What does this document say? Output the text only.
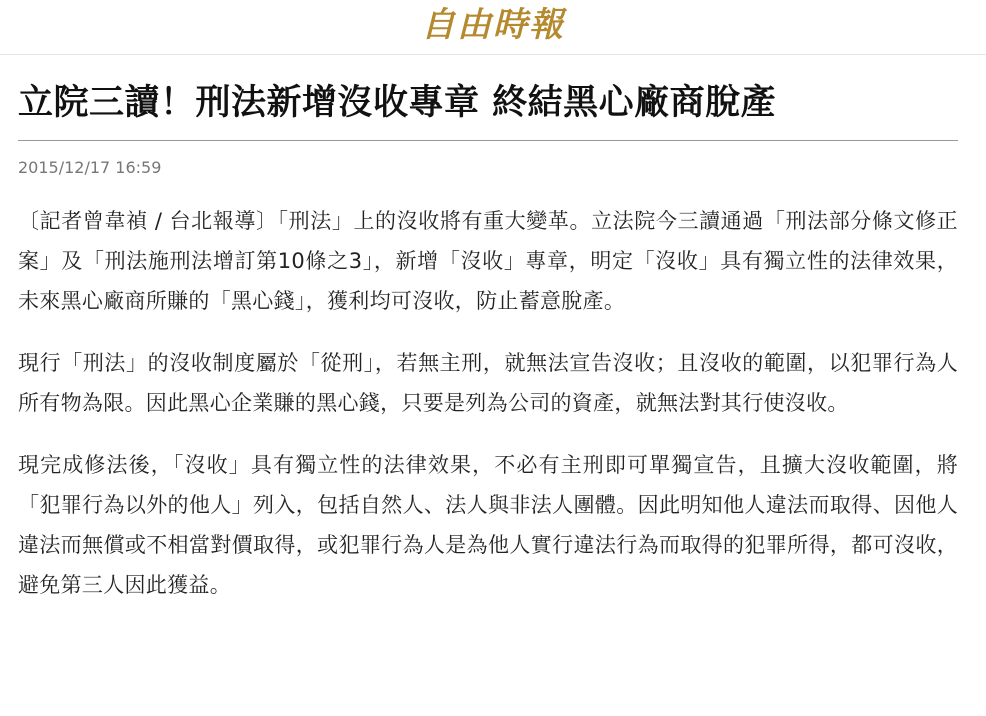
自由時報
立院三讀！刑法新增沒收專章 終結黑心廠商脫產
2015/12/17 16:59

〔記者曾韋禎 / 台北報導〕「刑法」上的沒收將有重大變革。立法院今三讀通過「刑法部分條文修正案」及「刑法施刑法增訂第10條之3」，新增「沒收」專章，明定「沒收」具有獨立性的法律效果，未來黑心廠商所賺的「黑心錢」，獲利均可沒收，防止蓄意脫產。

現行「刑法」的沒收制度屬於「從刑」，若無主刑，就無法宣告沒收；且沒收的範圍，以犯罪行為人所有物為限。因此黑心企業賺的黑心錢，只要是列為公司的資產，就無法對其行使沒收。

現完成修法後，「沒收」具有獨立性的法律效果，不必有主刑即可單獨宣告，且擴大沒收範圍，將「犯罪行為以外的他人」列入，包括自然人、法人與非法人團體。因此明知他人違法而取得、因他人違法而無償或不相當對價取得，或犯罪行為人是為他人實行違法行為而取得的犯罪所得，都可沒收，避免第三人因此獲益。
